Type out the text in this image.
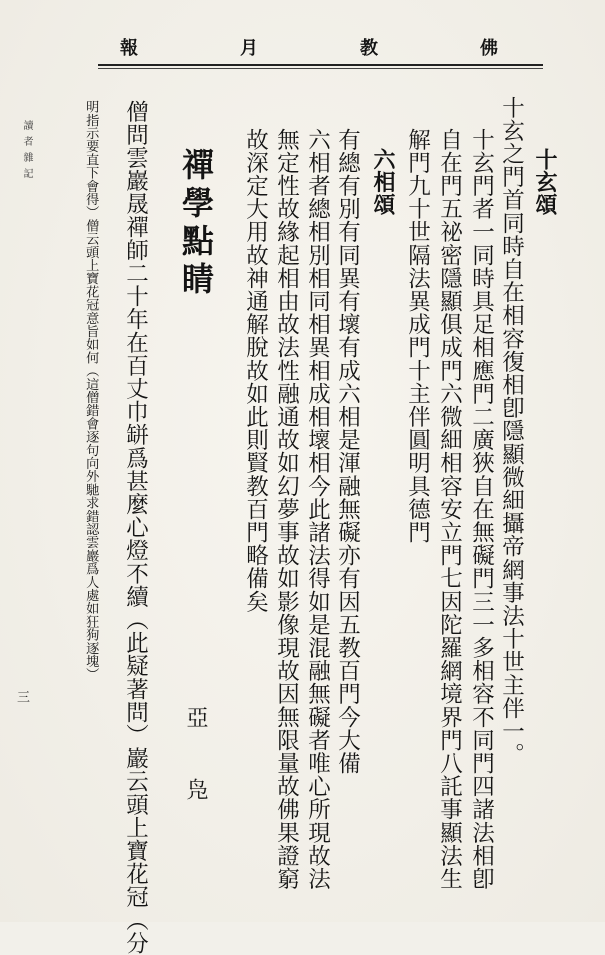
報	月	教	佛
十玄頌
十玄之門首同時自在相容復相卽隱顯微細攝帝網事法十世主伴一。
十玄門者一同時具足相應門二廣狹自在無礙門三一多相容不同門四諸法相卽
自在門五祕密隱顯俱成門六微細相容安立門七因陀羅網境界門八託事顯法生
解門九十世隔法異成門十主伴圓明具德門
六相頌
有總有別有同異有壞有成六相是渾融無礙亦有因五教百門今大備
六相者總相別相同相異相成相壞相今此諸法得如是混融無礙者唯心所現故法
無定性故緣起相由故法性融通故如幻夢事故如影像現故因無限量故佛果證窮
故深定大用故神通解脫故如此則賢教百門略備矣
禪學點睛
亞　凫
僧問雲巖晟禪師二十年在百丈巾缾爲甚麼心燈不續（此疑著問）巖云頭上寶花冠（分
明指示要直下會得）僧云頭上寶花冠意旨如何（這僧錯會逐句向外馳求錯認雲巖爲人處如狂狗逐塊）
讀者雜記
三
